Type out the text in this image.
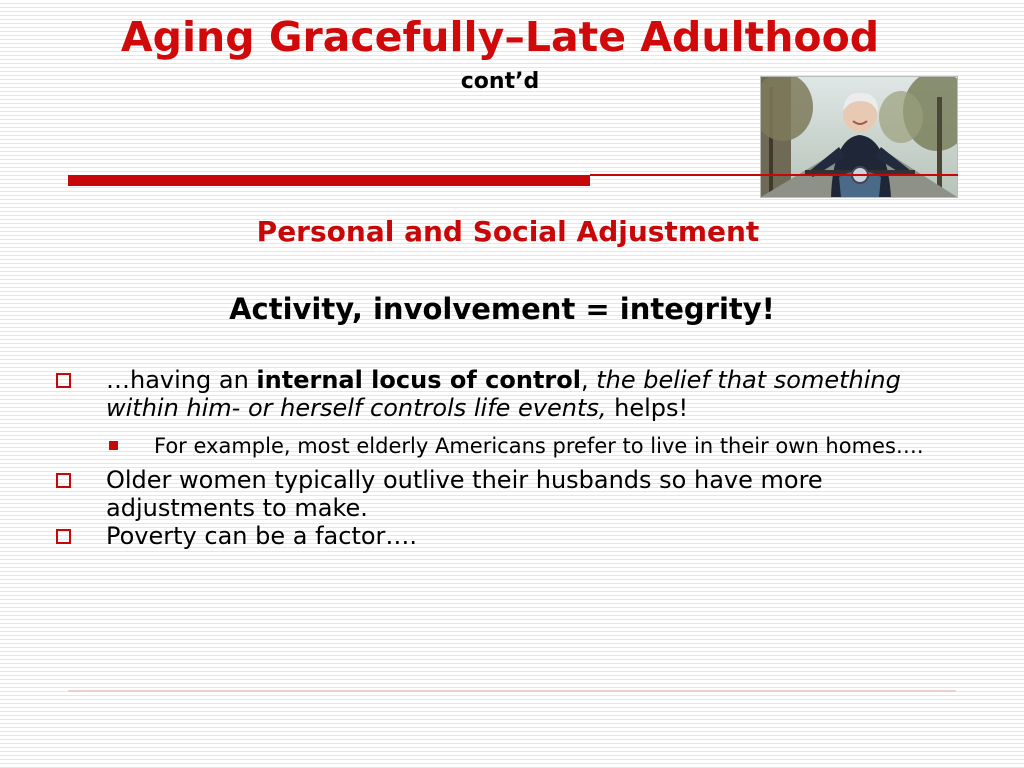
Aging Gracefully–Late Adulthood
cont’d
Personal and Social Adjustment
Activity, involvement = integrity!
…having an internal locus of control, the belief that something within him- or herself controls life events, helps!
For example, most elderly Americans prefer to live in their own homes….
Older women typically outlive their husbands so have more adjustments to make.
Poverty can be a factor….
